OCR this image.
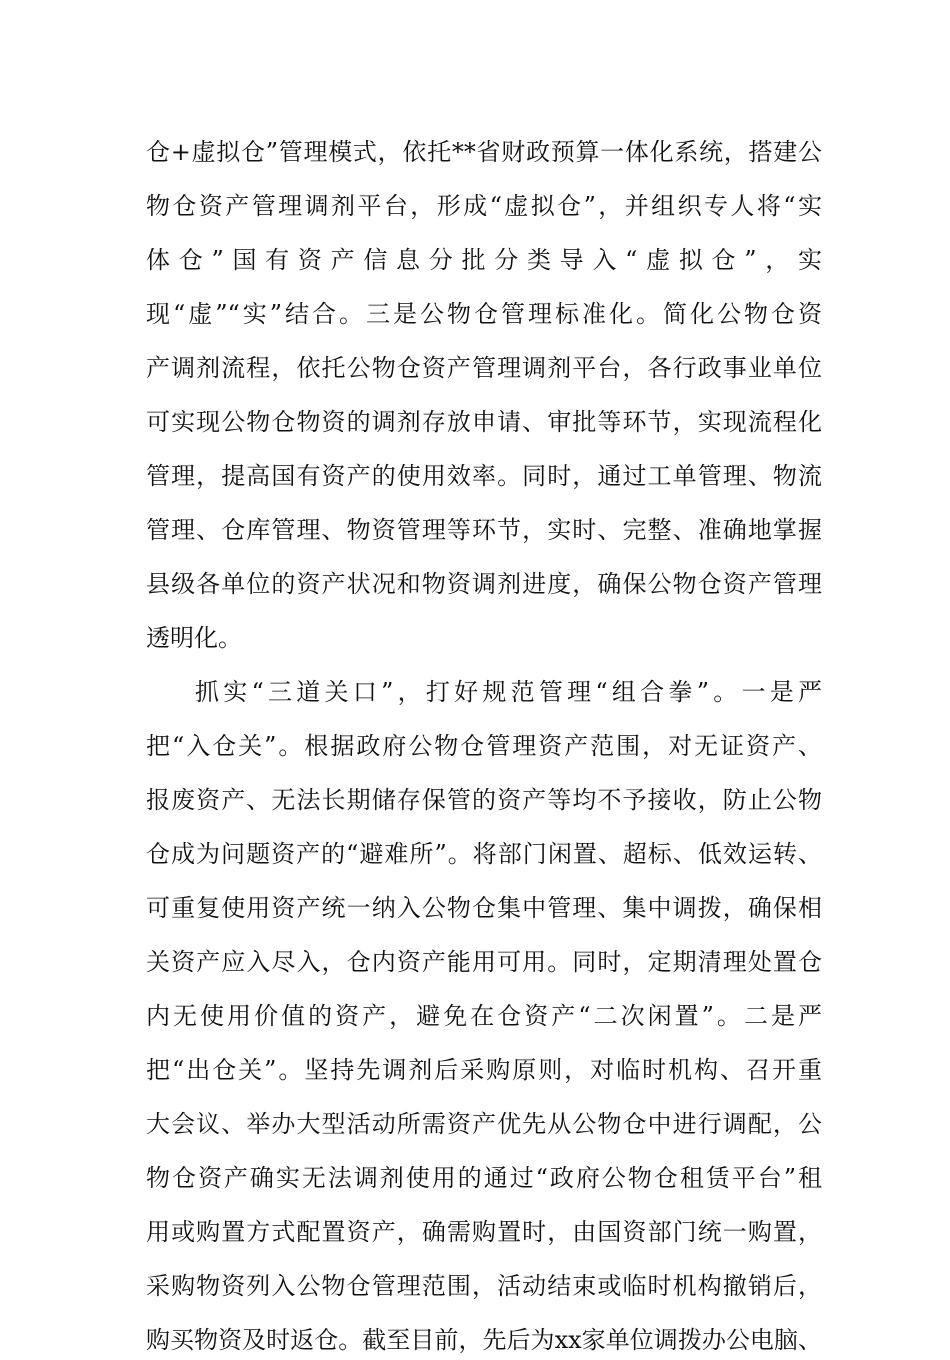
仓+虚拟仓”管理模式，依托**省财政预算一体化系统，搭建公
物仓资产管理调剂平台，形成“虚拟仓”，并组织专人将“实
体仓”国有资产信息分批分类导入“虚拟仓”，实
现“虚”“实”结合。三是公物仓管理标准化。简化公物仓资
产调剂流程，依托公物仓资产管理调剂平台，各行政事业单位
可实现公物仓物资的调剂存放申请、审批等环节，实现流程化
管理，提高国有资产的使用效率。同时，通过工单管理、物流
管理、仓库管理、物资管理等环节，实时、完整、准确地掌握
县级各单位的资产状况和物资调剂进度，确保公物仓资产管理
透明化。
抓实“三道关口”，打好规范管理“组合拳”。一是严
把“入仓关”。根据政府公物仓管理资产范围，对无证资产、
报废资产、无法长期储存保管的资产等均不予接收，防止公物
仓成为问题资产的“避难所”。将部门闲置、超标、低效运转、
可重复使用资产统一纳入公物仓集中管理、集中调拨，确保相
关资产应入尽入，仓内资产能用可用。同时，定期清理处置仓
内无使用价值的资产，避免在仓资产“二次闲置”。二是严
把“出仓关”。坚持先调剂后采购原则，对临时机构、召开重
大会议、举办大型活动所需资产优先从公物仓中进行调配，公
物仓资产确实无法调剂使用的通过“政府公物仓租赁平台”租
用或购置方式配置资产，确需购置时，由国资部门统一购置，
采购物资列入公物仓管理范围，活动结束或临时机构撤销后，
购买物资及时返仓。截至目前，先后为xx家单位调拨办公电脑、
